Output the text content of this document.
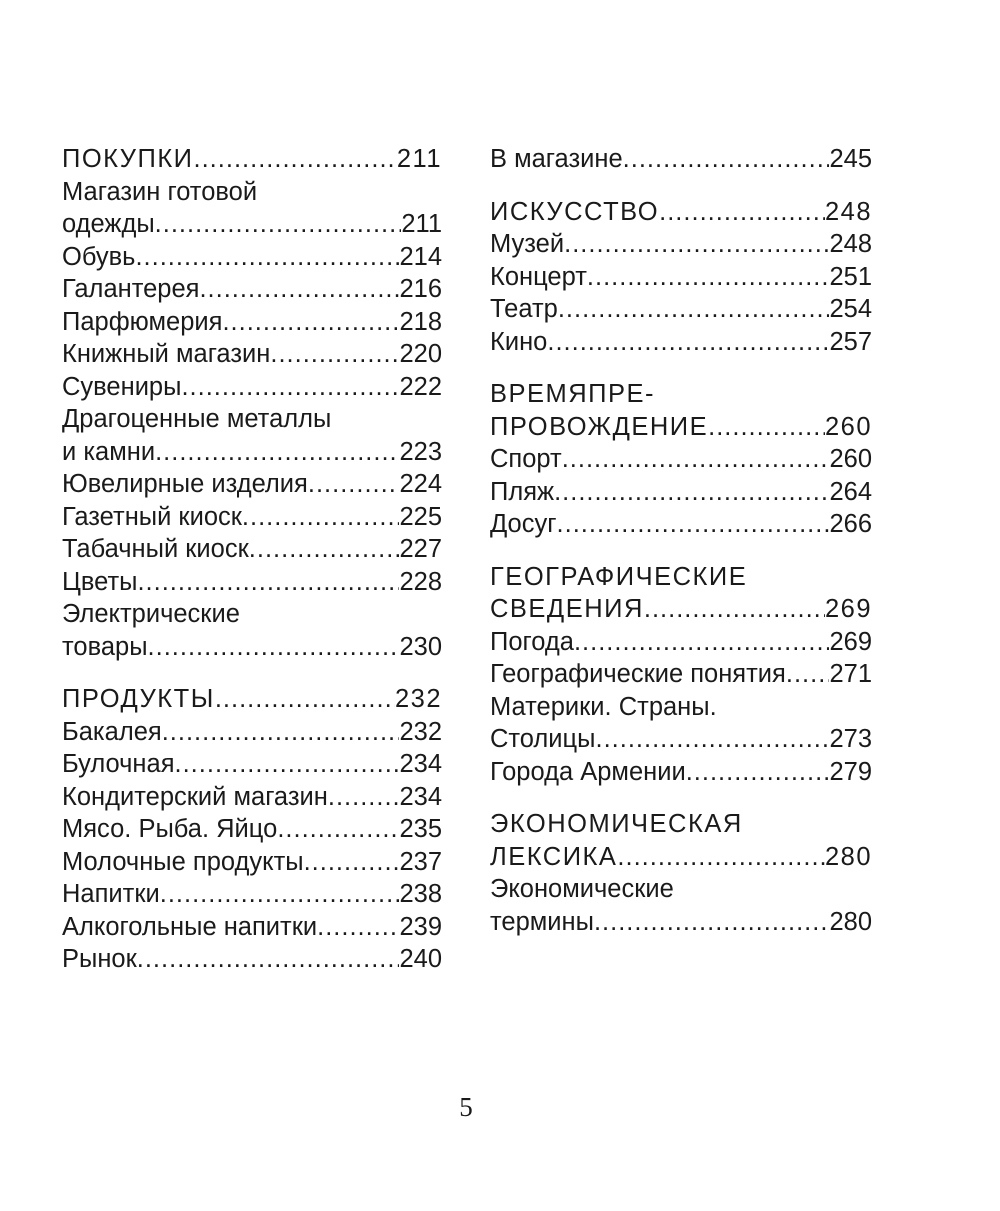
ПОКУПКИ .....	211
Магазин готовой
одежды .....	211
Обувь .....	214
Галантерея .....	216
Парфюмерия .....	218
Книжный магазин .....	220
Сувениры .....	222
Драгоценные металлы
и камни .....	223
Ювелирные изделия .....	224
Газетный киоск .....	225
Табачный киоск .....	227
Цветы .....	228
Электрические
товары .....	230
ПРОДУКТЫ .....	232
Бакалея .....	232
Булочная .....	234
Кондитерский магазин .....	234
Мясо. Рыба. Яйцо .....	235
Молочные продукты .....	237
Напитки .....	238
Алкогольные напитки .....	239
Рынок .....	240
В магазине .....	245
ИСКУССТВО .....	248
Музей .....	248
Концерт .....	251
Театр .....	254
Кино .....	257
ВРЕМЯПРЕ-
ПРОВОЖДЕНИЕ .....	260
Спорт .....	260
Пляж .....	264
Досуг .....	266
ГЕОГРАФИЧЕСКИЕ
СВЕДЕНИЯ .....	269
Погода .....	269
Географические понятия ..... 271
Материки. Страны.
Столицы .....	273
Города Армении .....	279
ЭКОНОМИЧЕСКАЯ
ЛЕКСИКА .....	280
Экономические
термины .....	280
5
